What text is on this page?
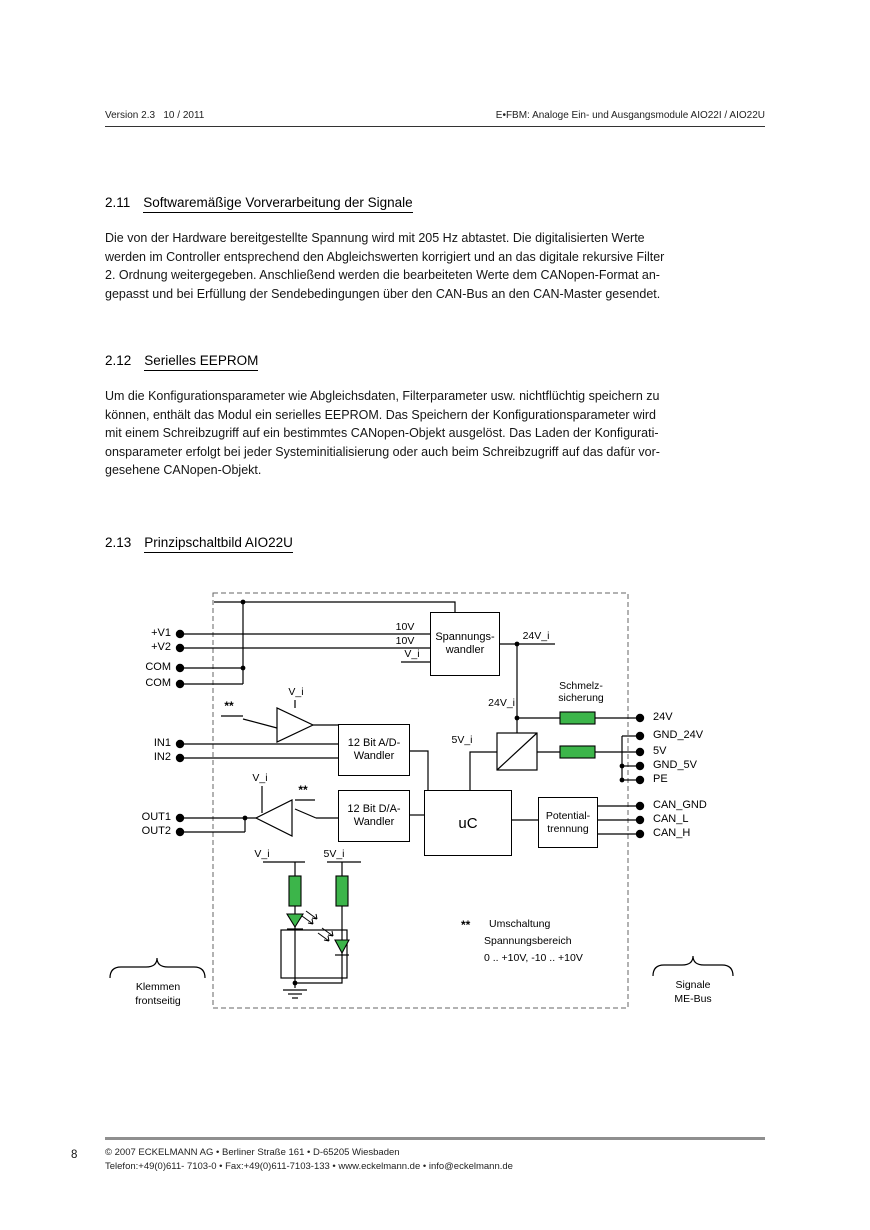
Version 2.3   10 / 2011	E•FBM: Analoge Ein- und Ausgangsmodule AIO22I / AIO22U
2.11 Softwaremäßige Vorverarbeitung der Signale
Die von der Hardware bereitgestellte Spannung wird mit 205 Hz abtastet. Die digitalisierten Werte
werden im Controller entsprechend den Abgleichswerten korrigiert und an das digitale rekursive Filter
2. Ordnung weitergegeben. Anschließend werden die bearbeiteten Werte dem CANopen-Format an-
gepasst und bei Erfüllung der Sendebedingungen über den CAN-Bus an den CAN-Master gesendet.
2.12 Serielles EEPROM
Um die Konfigurationsparameter wie Abgleichsdaten, Filterparameter usw. nichtflüchtig speichern zu
können, enthält das Modul ein serielles EEPROM. Das Speichern der Konfigurationsparameter wird
mit einem Schreibzugriff auf ein bestimmtes CANopen-Objekt ausgelöst. Das Laden der Konfigurati-
onsparameter erfolgt bei jeder Systeminitialisierung oder auch beim Schreibzugriff auf das dafür vor-
gesehene CANopen-Objekt.
2.13 Prinzipschaltbild AIO22U
Spannungs-
wandler
12 Bit A/D-
Wandler
12 Bit D/A-
Wandler	uC	Potential-
trennung
+V1
+V2
COM
COM
IN1
IN2
OUT1
OUT2
24V
GND_24V
5V
GND_5V
PE
CAN_GND
CAN_L
CAN_H
10V
10V
V_i
24V_i
24V_i
5V_i
Schmelz-
sicherung
V_i
**
V_i
**
V_i	5V_i
** Umschaltung
Spannungsbereich
0 .. +10V, -10 .. +10V
Klemmen
frontseitig
Signale
ME-Bus
8	© 2007 ECKELMANN AG • Berliner Straße 161 • D-65205 Wiesbaden
Telefon:+49(0)611- 7103-0 • Fax:+49(0)611-7103-133 • www.eckelmann.de • info@eckelmann.de
